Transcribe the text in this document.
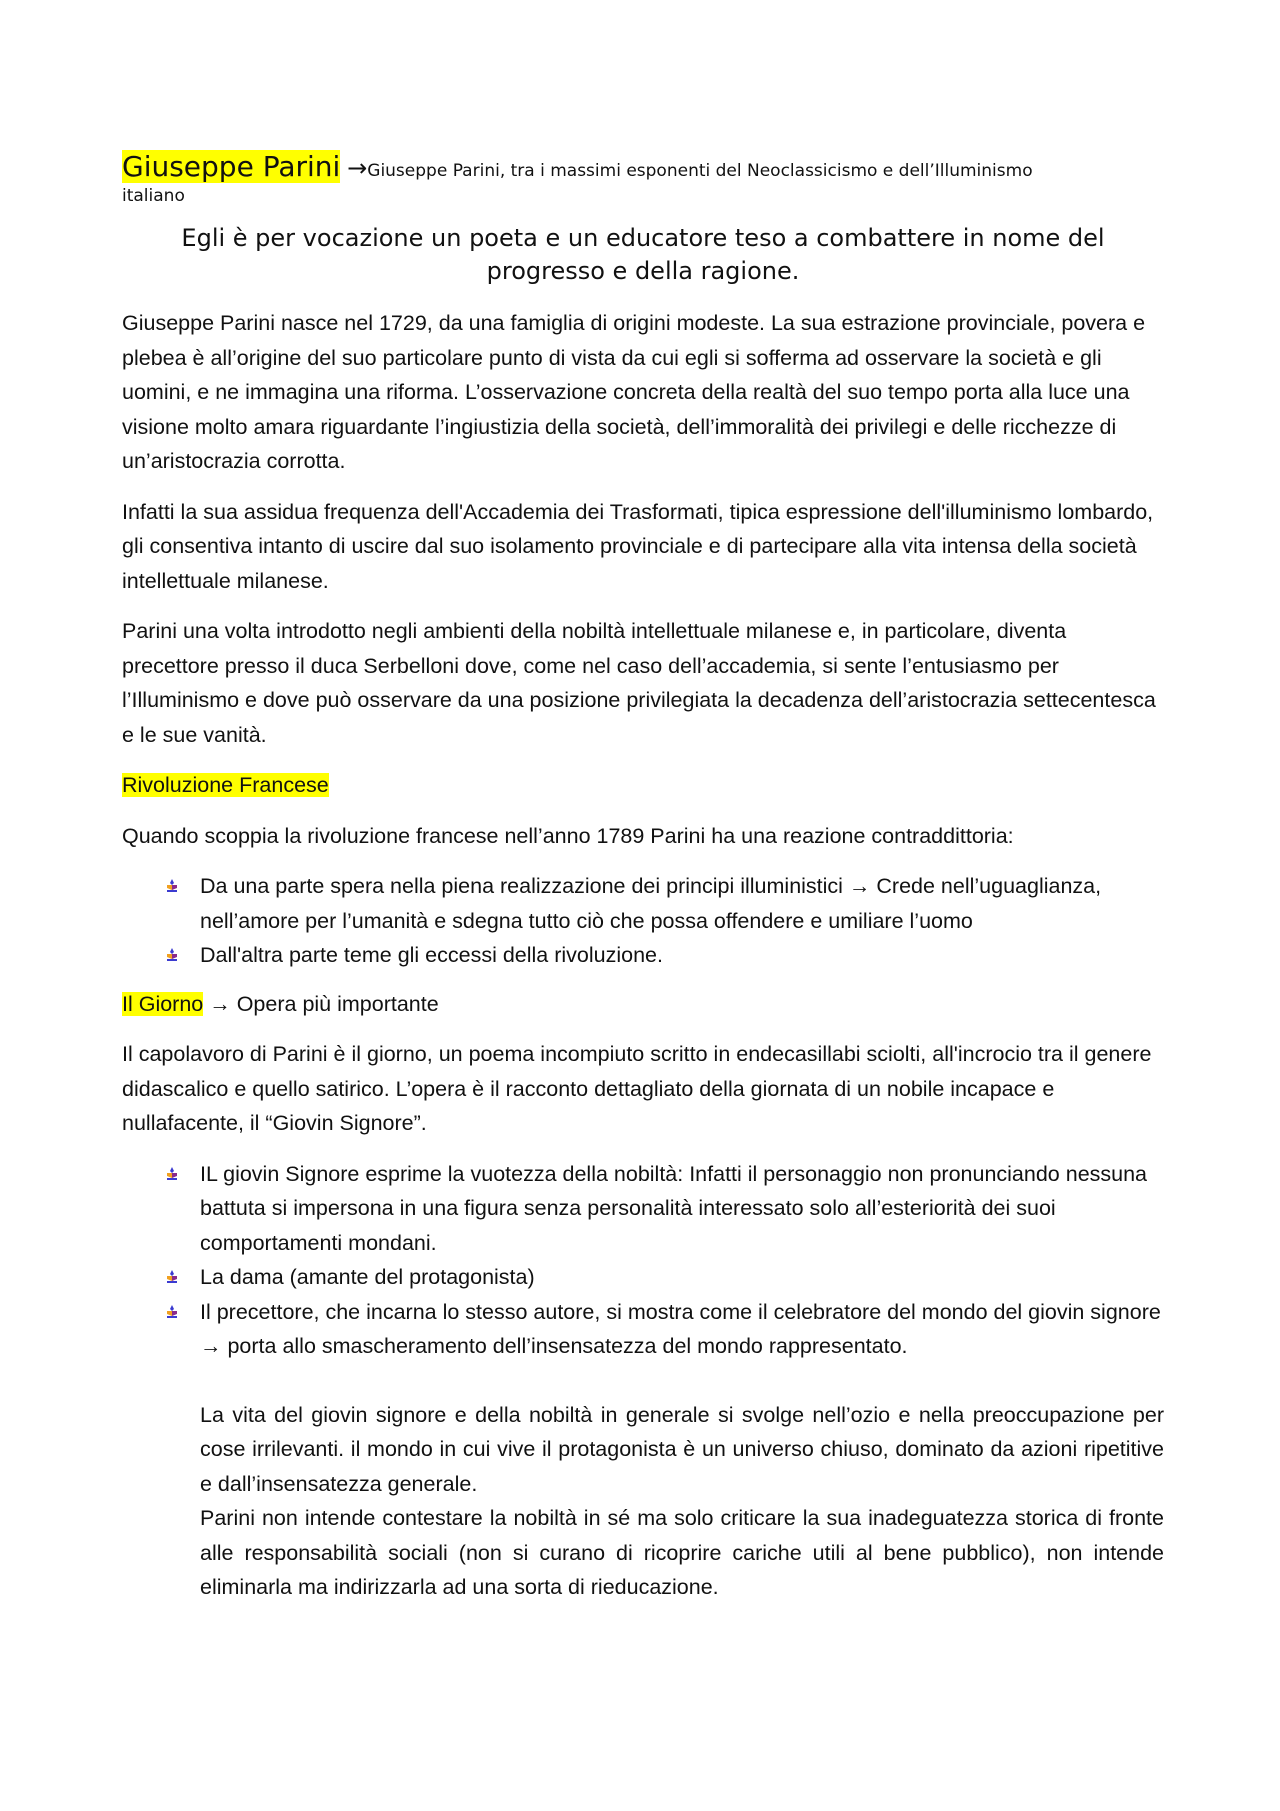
Giuseppe Parini →Giuseppe Parini, tra i massimi esponenti del Neoclassicismo e dell’Illuminismo
italiano
Egli è per vocazione un poeta e un educatore teso a combattere in nome del progresso e della ragione.

Giuseppe Parini nasce nel 1729, da una famiglia di origini modeste. La sua estrazione provinciale, povera e plebea è all’origine del suo particolare punto di vista da cui egli si sofferma ad osservare la società e gli uomini, e ne immagina una riforma. L’osservazione concreta della realtà del suo tempo porta alla luce una visione molto amara riguardante l’ingiustizia della società, dell’immoralità dei privilegi e delle ricchezze di un’aristocrazia corrotta.

Infatti la sua assidua frequenza dell'Accademia dei Trasformati, tipica espressione dell'illuminismo lombardo, gli consentiva intanto di uscire dal suo isolamento provinciale e di partecipare alla vita intensa della società intellettuale milanese.

Parini una volta introdotto negli ambienti della nobiltà intellettuale milanese e, in particolare, diventa precettore presso il duca Serbelloni dove, come nel caso dell’accademia, si sente l’entusiasmo per l’Illuminismo e dove può osservare da una posizione privilegiata la decadenza dell’aristocrazia settecentesca e le sue vanità.

Rivoluzione Francese

Quando scoppia la rivoluzione francese nell’anno 1789 Parini ha una reazione contraddittoria:

Da una parte spera nella piena realizzazione dei principi illuministici → Crede nell’uguaglianza, nell’amore per l’umanità e sdegna tutto ciò che possa offendere e umiliare l’uomo
Dall'altra parte teme gli eccessi della rivoluzione.

Il Giorno → Opera più importante

Il capolavoro di Parini è il giorno, un poema incompiuto scritto in endecasillabi sciolti, all'incrocio tra il genere didascalico e quello satirico. L’opera è il racconto dettagliato della giornata di un nobile incapace e nullafacente, il “Giovin Signore”.

IL giovin Signore esprime la vuotezza della nobiltà: Infatti il personaggio non pronunciando nessuna battuta si impersona in una figura senza personalità interessato solo all’esteriorità dei suoi comportamenti mondani.
La dama (amante del protagonista)
Il precettore, che incarna lo stesso autore, si mostra come il celebratore del mondo del giovin signore → porta allo smascheramento dell’insensatezza del mondo rappresentato.

La vita del giovin signore e della nobiltà in generale si svolge nell’ozio e nella preoccupazione per cose irrilevanti. il mondo in cui vive il protagonista è un universo chiuso, dominato da azioni ripetitive e dall’insensatezza generale.

Parini non intende contestare la nobiltà in sé ma solo criticare la sua inadeguatezza storica di fronte alle responsabilità sociali (non si curano di ricoprire cariche utili al bene pubblico), non intende eliminarla ma indirizzarla ad una sorta di rieducazione.
